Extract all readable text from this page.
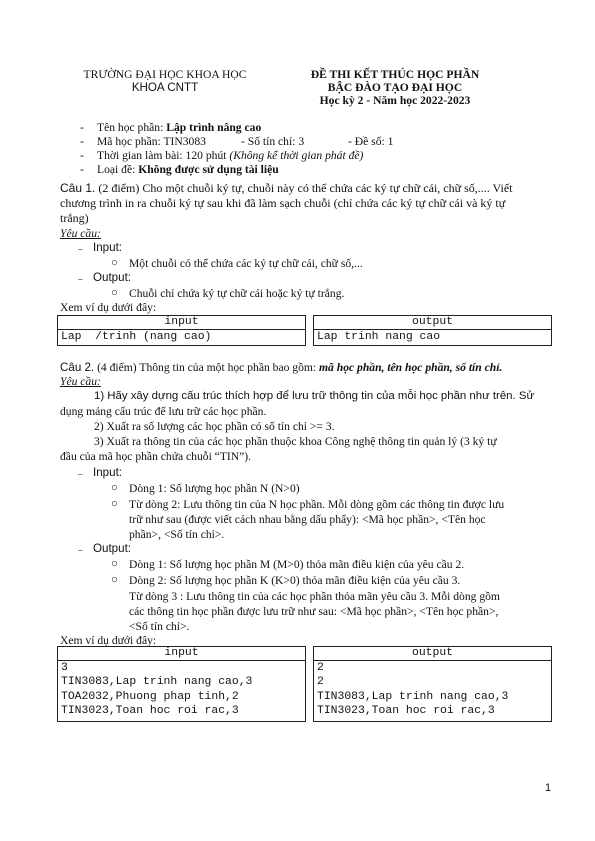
TRƯỜNG ĐẠI HỌC KHOA HỌC
KHOA CNTT
ĐỀ THI KẾT THÚC HỌC PHẦN
BẬC ĐÀO TẠO ĐẠI HỌC
Học kỳ 2 - Năm học 2022-2023
- Tên học phần: Lập trình nâng cao
- Mã học phần: TIN3083	- Số tín chỉ: 3	- Đề số: 1
- Thời gian làm bài: 120 phút (Không kể thời gian phát đề)
- Loại đề: Không được sử dụng tài liệu
Câu 1. (2 điểm) Cho một chuỗi ký tự, chuỗi này có thể chứa các ký tự chữ cái, chữ số,.... Viết
chương trình in ra chuỗi ký tự sau khi đã làm sạch chuỗi (chỉ chứa các ký tự chữ cái và ký tự
trắng)
Yêu cầu:
– Input:
○ Một chuỗi có thể chứa các ký tự chữ cái, chữ số,...
– Output:
○ Chuỗi chỉ chứa ký tự chữ cái hoặc ký tự trắng.
Xem ví dụ dưới đây:
input
Lap  /trinh (nang cao)
output
Lap trinh nang cao
Câu 2. (4 điểm) Thông tin của một học phần bao gồm: mã học phần, tên học phần, số tín chỉ.
Yêu cầu:
1) Hãy xây dựng cấu trúc thích hợp để lưu trữ thông tin của mỗi học phần như trên. Sử
dụng mảng cấu trúc để lưu trữ các học phần.
2) Xuất ra số lượng các học phần có số tín chỉ >= 3.
3) Xuất ra thông tin của các học phần thuộc khoa Công nghệ thông tin quản lý (3 ký tự
đầu của mã học phần chứa chuỗi “TIN”).
– Input:
○ Dòng 1: Số lượng học phần N (N>0)
○ Từ dòng 2: Lưu thông tin của N học phần. Mỗi dòng gồm các thông tin được lưu
trữ như sau (được viết cách nhau bằng dấu phẩy): <Mã học phần>, <Tên học
phần>, <Số tín chỉ>.
– Output:
○ Dòng 1: Số lượng học phần M (M>0) thỏa mãn điều kiện của yêu cầu 2.
○ Dòng 2: Số lượng học phần K (K>0) thỏa mãn điều kiện của yêu cầu 3.
Từ dòng 3 : Lưu thông tin của các học phần thỏa mãn yêu cầu 3. Mỗi dòng gồm
các thông tin học phần được lưu trữ như sau: <Mã học phần>, <Tên học phần>,
<Số tín chỉ>.
Xem ví dụ dưới đây:
input
3
TIN3083,Lap trinh nang cao,3
TOA2032,Phuong phap tinh,2
TIN3023,Toan hoc roi rac,3
output
2
2
TIN3083,Lap trinh nang cao,3
TIN3023,Toan hoc roi rac,3
1
